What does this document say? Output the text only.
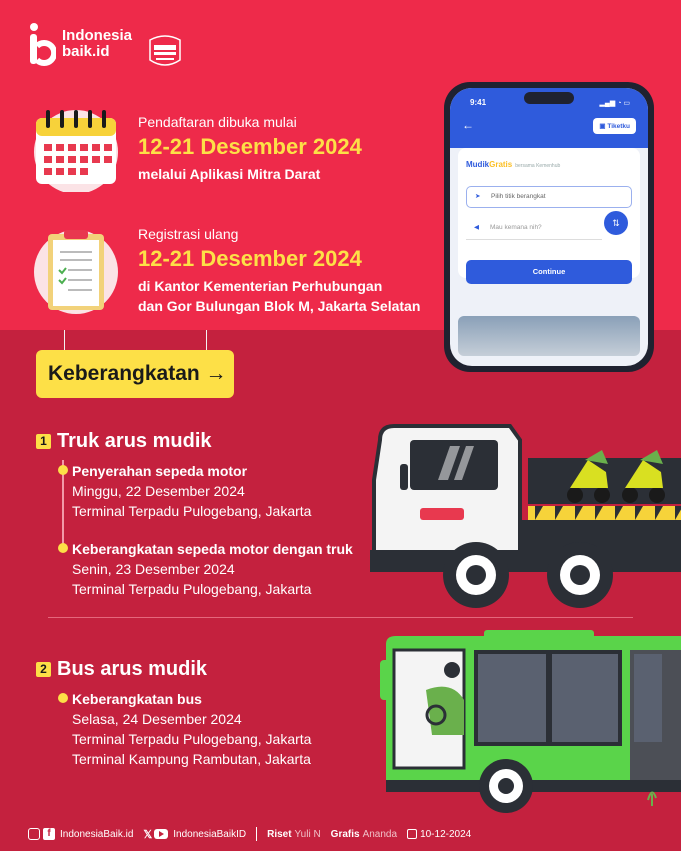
Indonesia
baik.id
Pendaftaran dibuka mulai
12-21 Desember 2024
melalui Aplikasi Mitra Darat
Registrasi ulang
12-21 Desember 2024
di Kantor Kementerian Perhubungan
dan Gor Bulungan Blok M, Jakarta Selatan
9:41	▂▄▆ ◔ ▭
←	▣ Tiketku
MudikGratis bersama Kemenhub
➤ Pilih titik berangkat
⇅
◀ Mau kemana nih?
Continue
Keberangkatan →
1 Truk arus mudik
Penyerahan sepeda motor
Minggu, 22 Desember 2024
Terminal Terpadu Pulogebang, Jakarta
Keberangkatan sepeda motor dengan truk
Senin, 23 Desember 2024
Terminal Terpadu Pulogebang, Jakarta
2 Bus arus mudik
Keberangkatan bus
Selasa, 24 Desember 2024
Terminal Terpadu Pulogebang, Jakarta
Terminal Kampung Rambutan, Jakarta
f IndonesiaBaik.id 𝕏 IndonesiaBaikID Riset Yuli N Grafis Ananda 10-12-2024
